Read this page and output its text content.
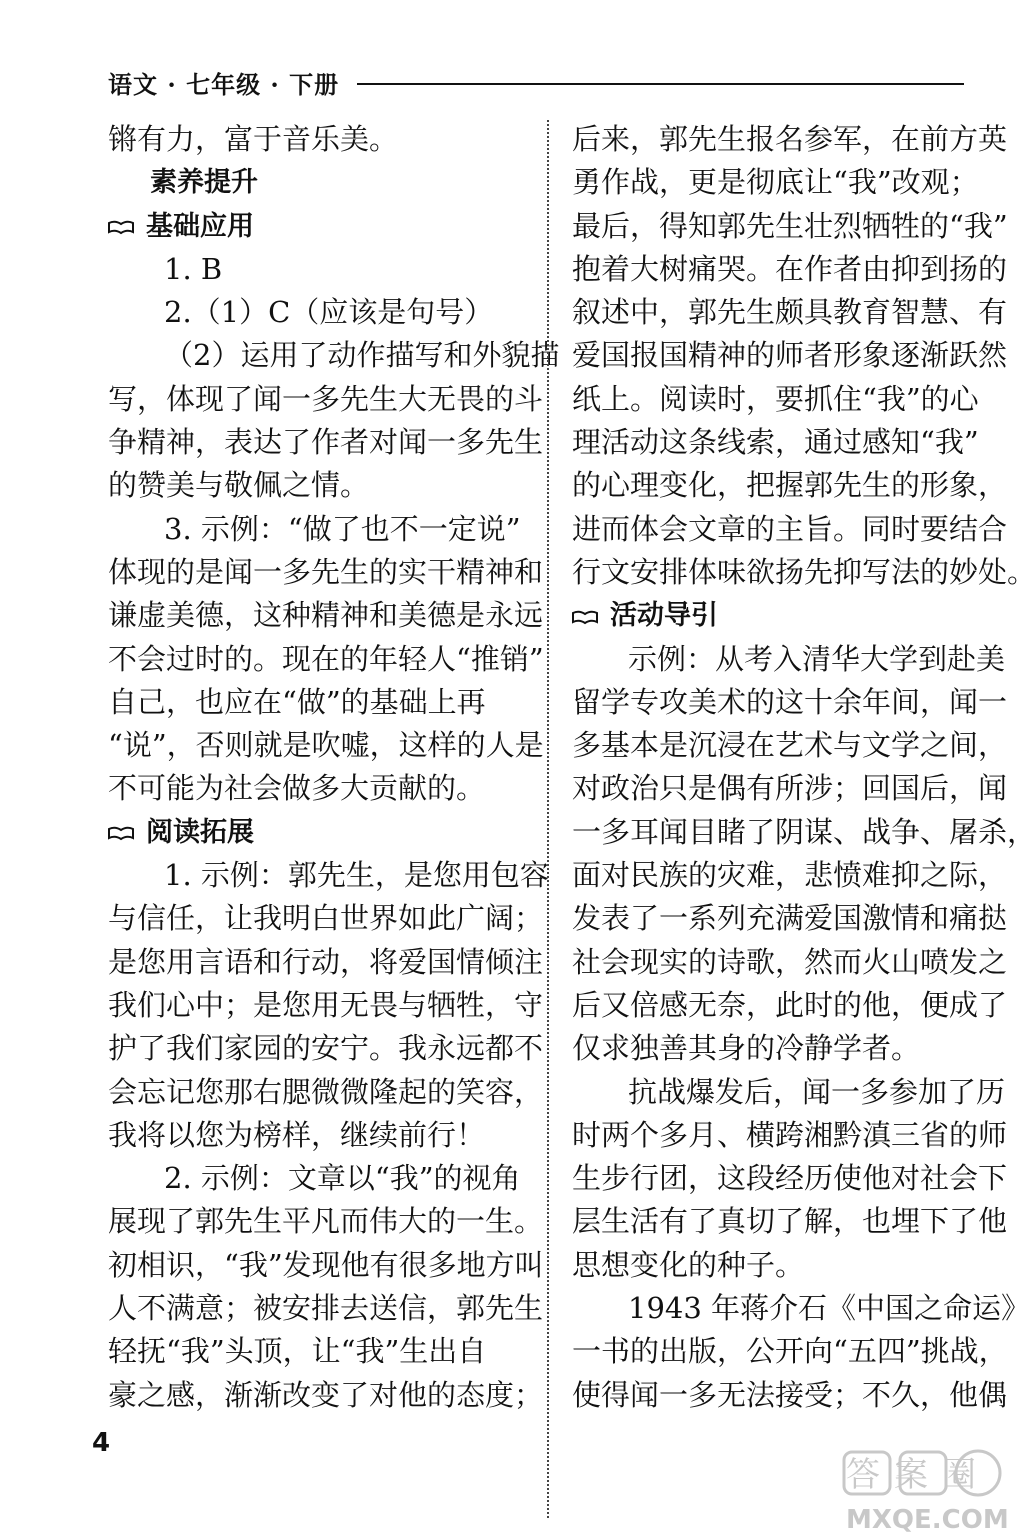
语文 · 七年级 · 下册
锵有力，富于音乐美。
素养提升
基础应用
1. B
2.（1）C（应该是句号）
（2）运用了动作描写和外貌描
写，体现了闻一多先生大无畏的斗
争精神，表达了作者对闻一多先生
的赞美与敬佩之情。
3. 示例：“做了也不一定说”
体现的是闻一多先生的实干精神和
谦虚美德，这种精神和美德是永远
不会过时的。现在的年轻人“推销”
自己，也应在“做”的基础上再
“说”，否则就是吹嘘，这样的人是
不可能为社会做多大贡献的。
阅读拓展
1. 示例：郭先生，是您用包容
与信任，让我明白世界如此广阔；
是您用言语和行动，将爱国情倾注
我们心中；是您用无畏与牺牲，守
护了我们家园的安宁。我永远都不
会忘记您那右腮微微隆起的笑容，
我将以您为榜样，继续前行！
2. 示例：文章以“我”的视角
展现了郭先生平凡而伟大的一生。
初相识，“我”发现他有很多地方叫
人不满意；被安排去送信，郭先生
轻抚“我”头顶，让“我”生出自
豪之感，渐渐改变了对他的态度；
后来，郭先生报名参军，在前方英
勇作战，更是彻底让“我”改观；
最后，得知郭先生壮烈牺牲的“我”
抱着大树痛哭。在作者由抑到扬的
叙述中，郭先生颇具教育智慧、有
爱国报国精神的师者形象逐渐跃然
纸上。阅读时，要抓住“我”的心
理活动这条线索，通过感知“我”
的心理变化，把握郭先生的形象，
进而体会文章的主旨。同时要结合
行文安排体味欲扬先抑写法的妙处。
活动导引
示例：从考入清华大学到赴美
留学专攻美术的这十余年间，闻一
多基本是沉浸在艺术与文学之间，
对政治只是偶有所涉；回国后，闻
一多耳闻目睹了阴谋、战争、屠杀，
面对民族的灾难，悲愤难抑之际，
发表了一系列充满爱国激情和痛挞
社会现实的诗歌，然而火山喷发之
后又倍感无奈，此时的他，便成了
仅求独善其身的冷静学者。
抗战爆发后，闻一多参加了历
时两个多月、横跨湘黔滇三省的师
生步行团，这段经历使他对社会下
层生活有了真切了解，也埋下了他
思想变化的种子。
1943 年蒋介石《中国之命运》
一书的出版，公开向“五四”挑战，
使得闻一多无法接受；不久，他偶
4
答案圈
MXQE.COM
